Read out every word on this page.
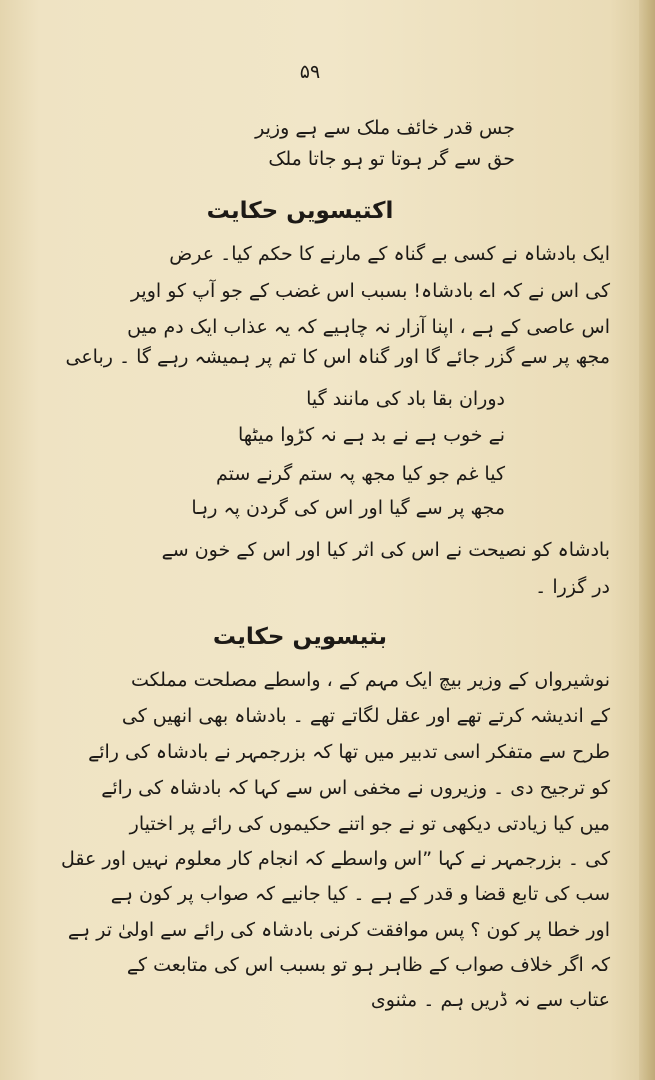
۵۹
جس قدر خائف ملک سے ہے وزیر
حق سے گر ہوتا تو ہو جاتا ملک
اکتیسویں حکایت
ایک بادشاہ نے کسی بے گناہ کے مارنے کا حکم کیا۔ عرض
کی اس نے کہ اے بادشاہ! بسبب اس غضب کے جو آپ کو اوپر
اس عاصی کے ہے ، اپنا آزار نہ چاہیے کہ یہ عذاب ایک دم میں
مجھ پر سے گزر جائے گا اور گناہ اس کا تم پر ہمیشہ رہے گا ۔ رباعی
دوران بقا باد کی مانند گیا
نے خوب ہے نے بد ہے نہ کڑوا میٹھا
کیا غم جو کیا مجھ پہ ستم گرنے ستم
مجھ پر سے گیا اور اس کی گردن پہ رہا
بادشاہ کو نصیحت نے اس کی اثر کیا اور اس کے خون سے
در گزرا ۔
بتیسویں حکایت
نوشیرواں کے وزیر بیچ ایک مہم کے ، واسطے مصلحت مملکت
کے اندیشہ کرتے تھے اور عقل لگاتے تھے ۔ بادشاہ بھی انھیں کی
طرح سے متفکر اسی تدبیر میں تھا کہ بزرجمہر نے بادشاہ کی رائے
کو ترجیح دی ۔ وزیروں نے مخفی اس سے کہا کہ بادشاہ کی رائے
میں کیا زیادتی دیکھی تو نے جو اتنے حکیموں کی رائے پر اختیار
کی ۔ بزرجمہر نے کہا ”اس واسطے کہ انجام کار معلوم نہیں اور عقل
سب کی تابع قضا و قدر کے ہے ۔ کیا جانیے کہ صواب پر کون ہے
اور خطا پر کون ؟ پس موافقت کرنی بادشاہ کی رائے سے اولیٰ تر ہے
کہ اگر خلاف صواب کے ظاہر ہو تو بسبب اس کی متابعت کے
عتاب سے نہ ڈریں ہم ۔ مثنوی
